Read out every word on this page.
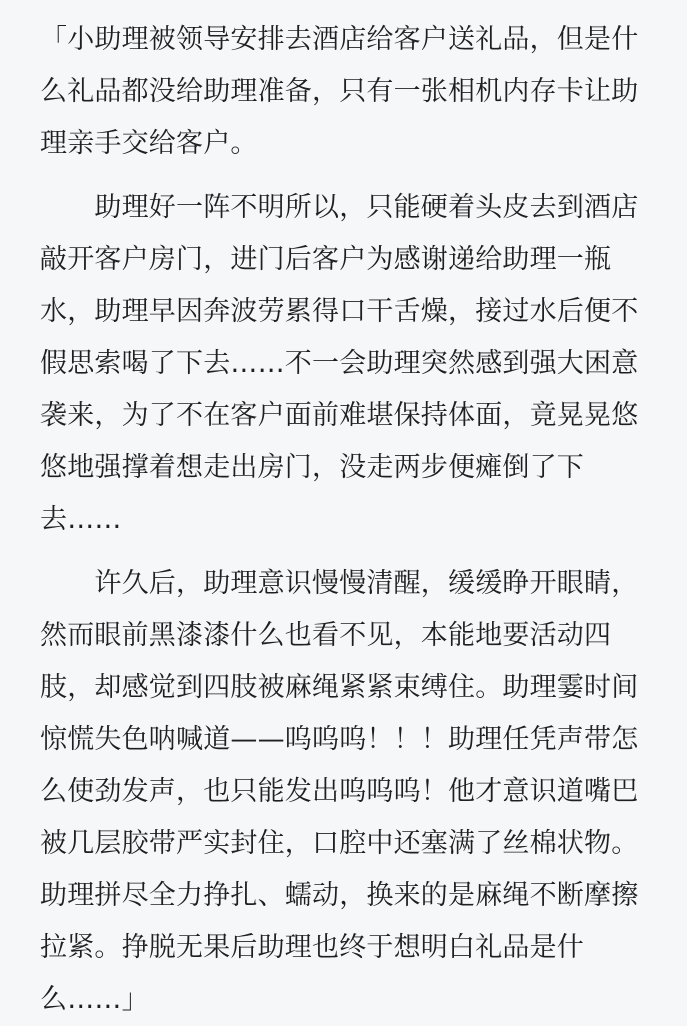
「小助理被领导安排去酒店给客户送礼品，但是什么礼品都没给助理准备，只有一张相机内存卡让助理亲手交给客户。

　　助理好一阵不明所以，只能硬着头皮去到酒店敲开客户房门，进门后客户为感谢递给助理一瓶水，助理早因奔波劳累得口干舌燥，接过水后便不假思索喝了下去……不一会助理突然感到强大困意袭来，为了不在客户面前难堪保持体面，竟晃晃悠悠地强撑着想走出房门，没走两步便瘫倒了下去……

　　许久后，助理意识慢慢清醒，缓缓睁开眼睛，然而眼前黑漆漆什么也看不见，本能地要活动四肢，却感觉到四肢被麻绳紧紧束缚住。助理霎时间惊慌失色呐喊道——呜呜呜！！！助理任凭声带怎么使劲发声，也只能发出呜呜呜！他才意识道嘴巴被几层胶带严实封住，口腔中还塞满了丝棉状物。助理拼尽全力挣扎、蠕动，换来的是麻绳不断摩擦拉紧。挣脱无果后助理也终于想明白礼品是什么……」
